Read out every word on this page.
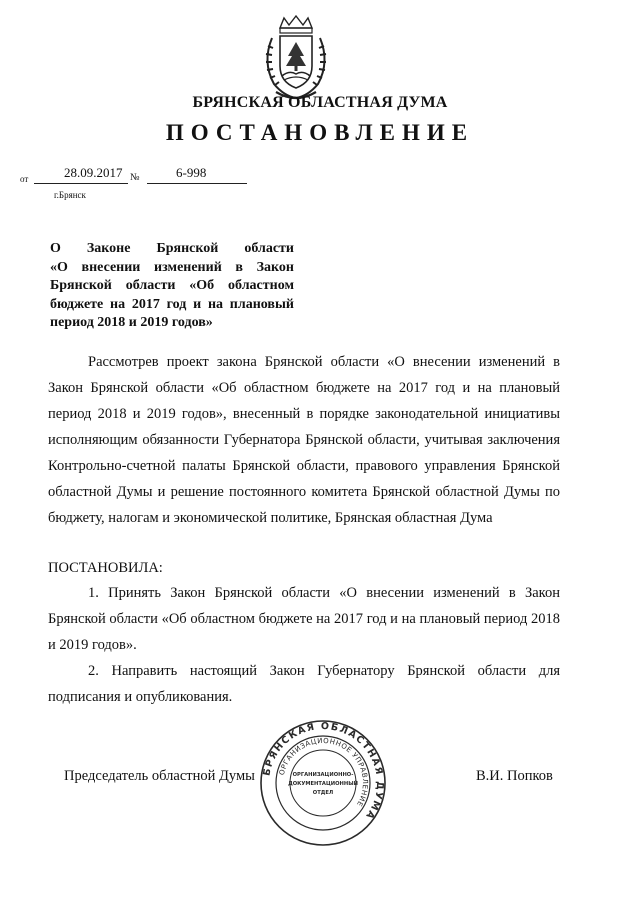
БРЯНСКАЯ ОБЛАСТНАЯ ДУМА
ПОСТАНОВЛЕНИЕ
от	28.09.2017 №	6-998
г.Брянск
О Законе Брянской области
«О внесении изменений в Закон
Брянской области «Об областном
бюджете на 2017 год и на плановый
период 2018 и 2019 годов»
Рассмотрев проект закона Брянской области «О внесении изменений в Закон Брянской области «Об областном бюджете на 2017 год и на плановый период 2018 и 2019 годов», внесенный в порядке законодательной инициативы исполняющим обязанности Губернатора Брянской области, учитывая заключения Контрольно-счетной палаты Брянской области, правового управления Брянской областной Думы и решение постоянного комитета Брянской областной Думы по бюджету, налогам и экономической политике, Брянская областная Дума
ПОСТАНОВИЛА:
1. Принять Закон Брянской области «О внесении изменений в Закон Брянской области «Об областном бюджете на 2017 год и на плановый период 2018 и 2019 годов».
2. Направить настоящий Закон Губернатору Брянской области для подписания и опубликования.
Председатель областной Думы	В.И. Попков
БРЯНСКАЯ ОБЛАСТНАЯ ДУМА
ОРГАНИЗАЦИОННОЕ УПРАВЛЕНИЕ
ОРГАНИЗАЦИОННО-
ДОКУМЕНТАЦИОННЫЙ
ОТДЕЛ
